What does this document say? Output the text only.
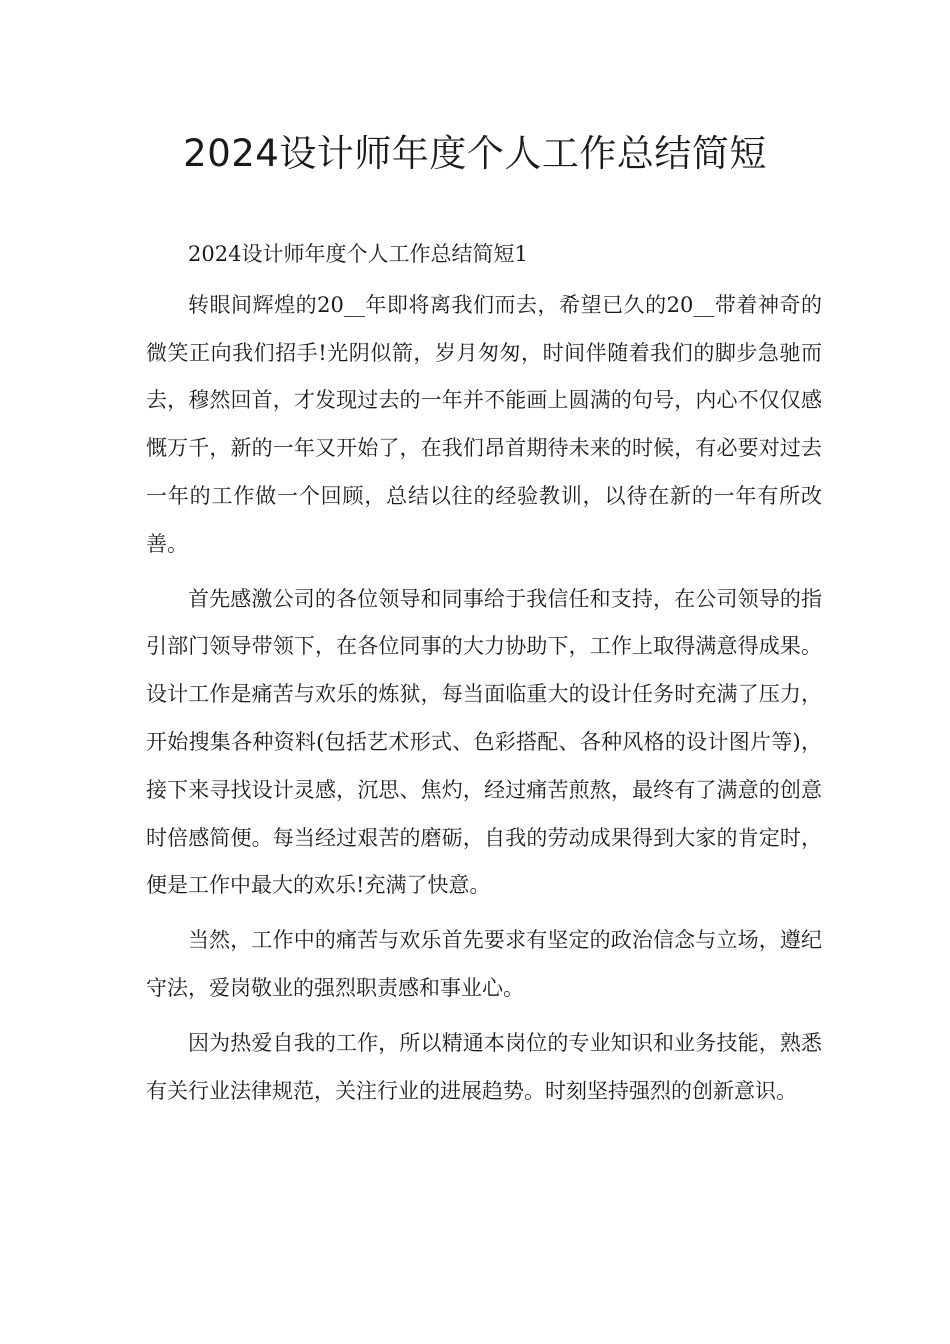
2024设计师年度个人工作总结简短

2024设计师年度个人工作总结简短1

转眼间辉煌的20__年即将离我们而去，希望已久的20__带着神奇的微笑正向我们招手!光阴似箭，岁月匆匆，时间伴随着我们的脚步急驰而去，穆然回首，才发现过去的一年并不能画上圆满的句号，内心不仅仅感慨万千，新的一年又开始了，在我们昂首期待未来的时候，有必要对过去一年的工作做一个回顾，总结以往的经验教训，以待在新的一年有所改善。

首先感激公司的各位领导和同事给于我信任和支持，在公司领导的指引部门领导带领下，在各位同事的大力协助下，工作上取得满意得成果。设计工作是痛苦与欢乐的炼狱，每当面临重大的设计任务时充满了压力，开始搜集各种资料(包括艺术形式、色彩搭配、各种风格的设计图片等)，接下来寻找设计灵感，沉思、焦灼，经过痛苦煎熬，最终有了满意的创意时倍感简便。每当经过艰苦的磨砺，自我的劳动成果得到大家的肯定时，便是工作中最大的欢乐!充满了快意。

当然，工作中的痛苦与欢乐首先要求有坚定的政治信念与立场，遵纪守法，爱岗敬业的强烈职责感和事业心。

因为热爱自我的工作，所以精通本岗位的专业知识和业务技能，熟悉有关行业法律规范，关注行业的进展趋势。时刻坚持强烈的创新意识。
